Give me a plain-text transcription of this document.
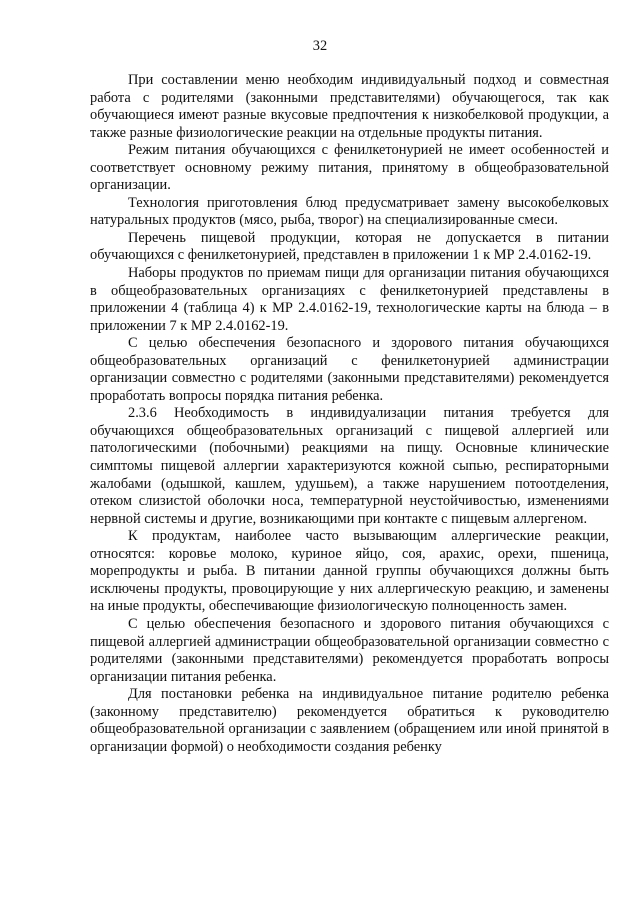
32

При составлении меню необходим индивидуальный подход и совместная работа с родителями (законными представителями) обучающегося, так как обучающиеся имеют разные вкусовые предпочтения к низкобелковой продукции, а также разные физиологические реакции на отдельные продукты питания.

Режим питания обучающихся с фенилкетонурией не имеет особенностей и соответствует основному режиму питания, принятому в общеобразовательной организации.

Технология приготовления блюд предусматривает замену высокобелковых натуральных продуктов (мясо, рыба, творог) на специализированные смеси.

Перечень пищевой продукции, которая не допускается в питании обучающихся с фенилкетонурией, представлен в приложении 1 к МР 2.4.0162-19.

Наборы продуктов по приемам пищи для организации питания обучающихся в общеобразовательных организациях с фенилкетонурией представлены в приложении 4 (таблица 4) к МР 2.4.0162-19, технологические карты на блюда – в приложении 7 к МР 2.4.0162-19.

С целью обеспечения безопасного и здорового питания обучающихся общеобразовательных организаций с фенилкетонурией администрации организации совместно с родителями (законными представителями) рекомендуется проработать вопросы порядка питания ребенка.

2.3.6 Необходимость в индивидуализации питания требуется для обучающихся общеобразовательных организаций с пищевой аллергией или патологическими (побочными) реакциями на пищу. Основные клинические симптомы пищевой аллергии характеризуются кожной сыпью, респираторными жалобами (одышкой, кашлем, удушьем), а также нарушением потоотделения, отеком слизистой оболочки носа, температурной неустойчивостью, изменениями нервной системы и другие, возникающими при контакте с пищевым аллергеном.

К продуктам, наиболее часто вызывающим аллергические реакции, относятся: коровье молоко, куриное яйцо, соя, арахис, орехи, пшеница, морепродукты и рыба. В питании данной группы обучающихся должны быть исключены продукты, провоцирующие у них аллергическую реакцию, и заменены на иные продукты, обеспечивающие физиологическую полноценность замен.

С целью обеспечения безопасного и здорового питания обучающихся с пищевой аллергией администрации общеобразовательной организации совместно с родителями (законными представителями) рекомендуется проработать вопросы организации питания ребенка.

Для постановки ребенка на индивидуальное питание родителю ребенка (законному представителю) рекомендуется обратиться к руководителю общеобразовательной организации с заявлением (обращением или иной принятой в организации формой) о необходимости создания ребенку
